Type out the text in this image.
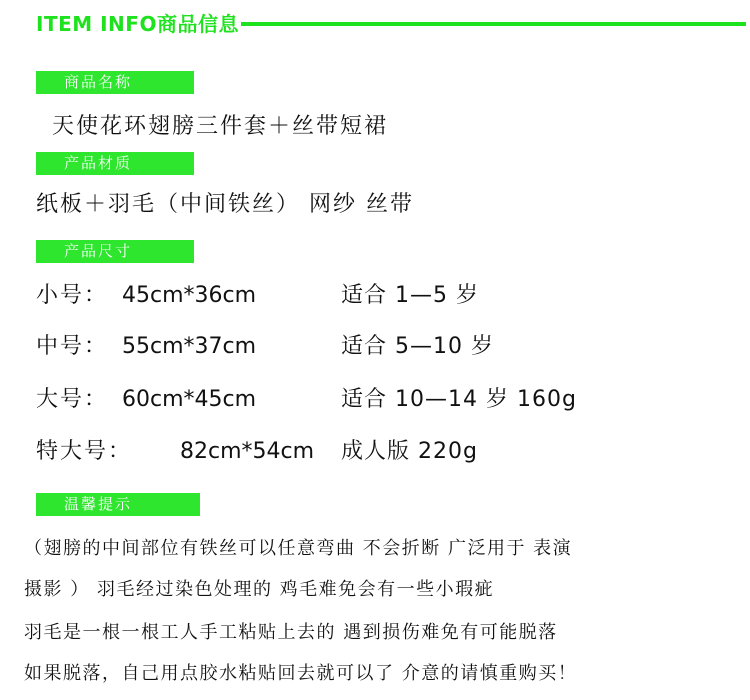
ITEM INFO商品信息
商品名称
天使花环翅膀三件套＋丝带短裙
产品材质
纸板＋羽毛（中间铁丝） 网纱 丝带
产品尺寸
小号： 45cm*36cm	适合 1—5 岁
中号： 55cm*37cm	适合 5—10 岁
大号： 60cm*45cm	适合 10—14 岁 160g
特大号： 82cm*54cm 成人版 220g
温馨提示
（翅膀的中间部位有铁丝可以任意弯曲 不会折断 广泛用于 表演
摄影 ） 羽毛经过染色处理的 鸡毛难免会有一些小瑕疵
羽毛是一根一根工人手工粘贴上去的 遇到损伤难免有可能脱落
如果脱落，自己用点胶水粘贴回去就可以了 介意的请慎重购买！
